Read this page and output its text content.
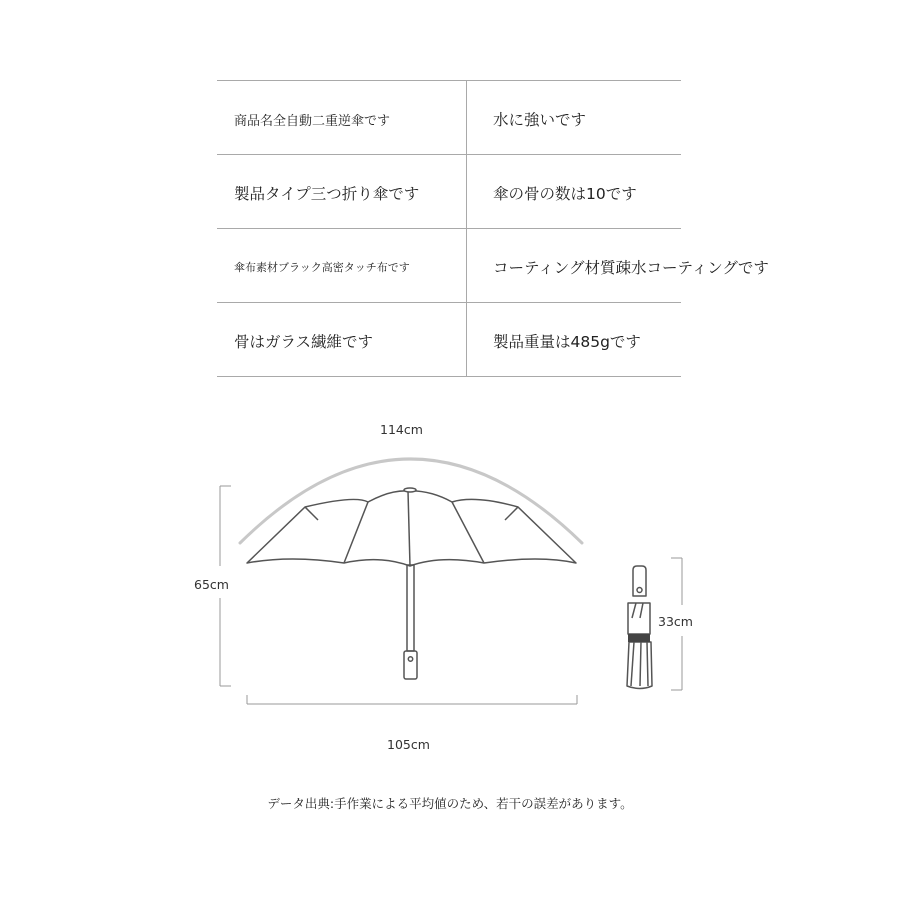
商品名全自動二重逆傘です	水に強いです
製品タイプ三つ折り傘です	傘の骨の数は10です
傘布素材ブラック高密タッチ布です	コーティング材質疎水コーティングです
骨はガラス繊維です	製品重量は485gです
114cm
65cm
105cm
33cm
データ出典:手作業による平均値のため、若干の誤差があります。
